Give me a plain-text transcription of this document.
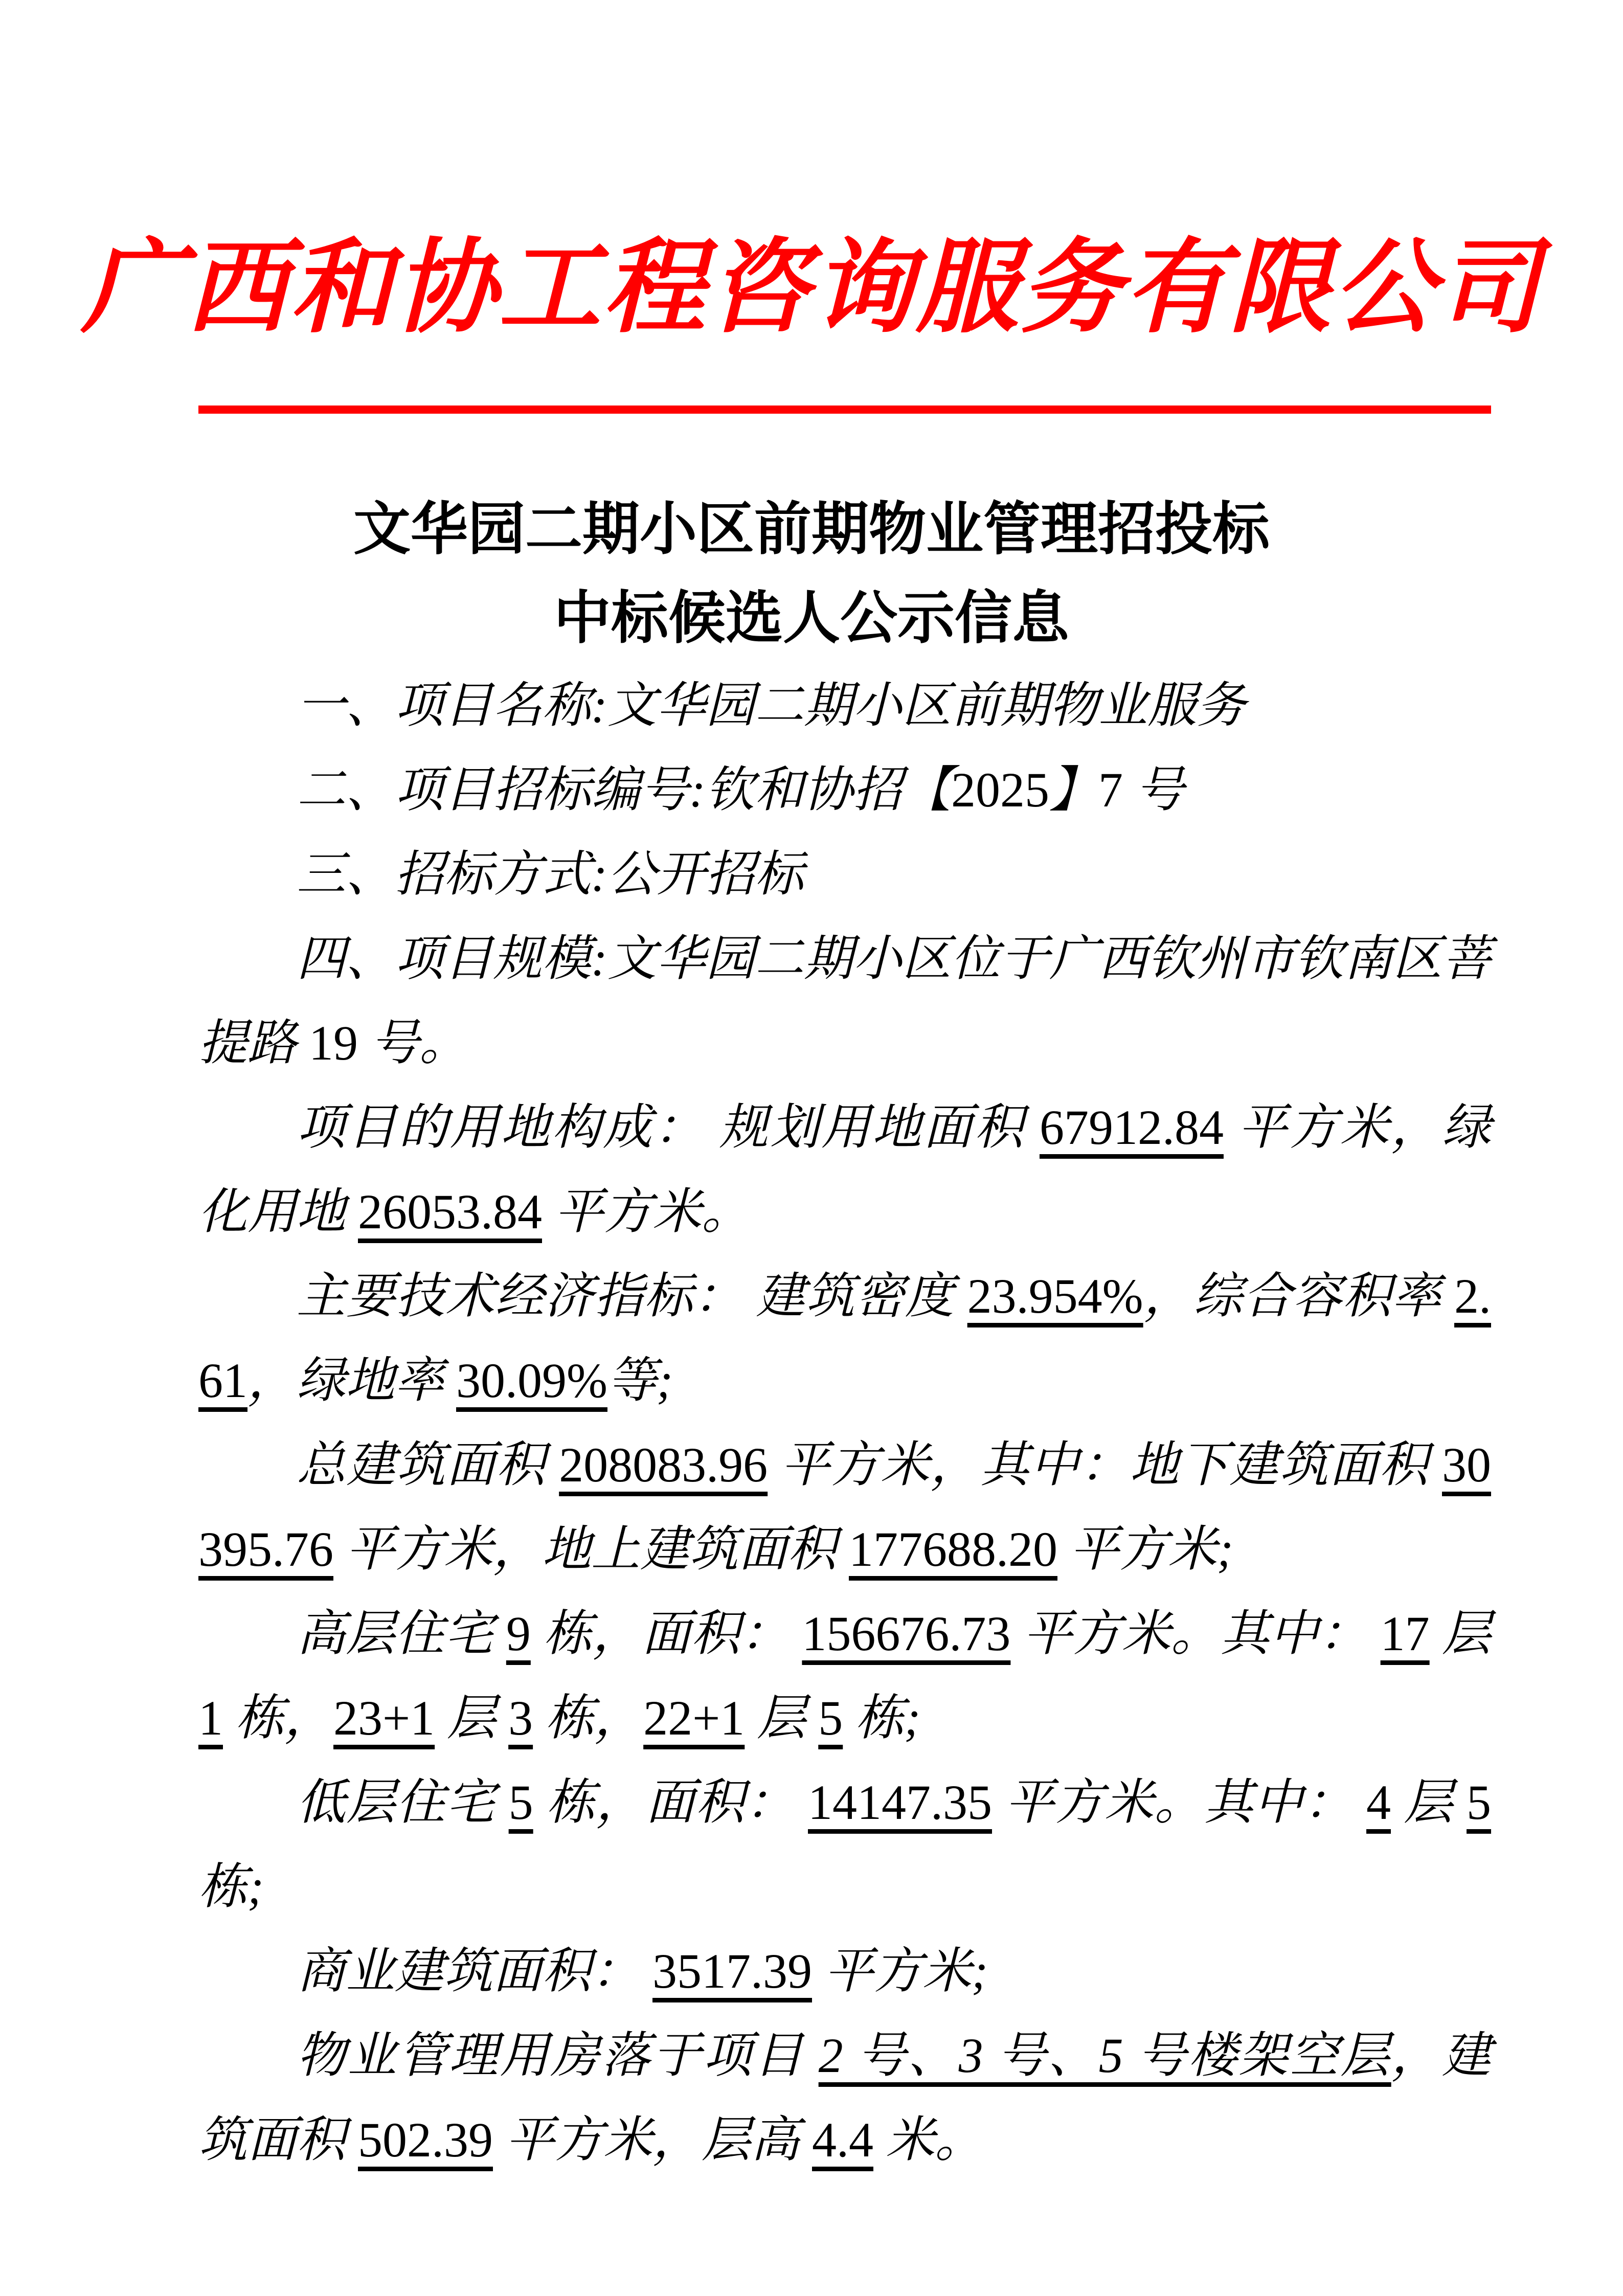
广西和协工程咨询服务有限公司
文华园二期小区前期物业管理招投标
中标候选人公示信息

一、项目名称:文华园二期小区前期物业服务

二、项目招标编号:钦和协招【2025】7 号

三、招标方式:公开招标

四、项目规模:文华园二期小区位于广西钦州市钦南区菩提路 19 号。

项目的用地构成： 规划用地面积 67912.84 平方米，绿化用地 26053.84 平方米。

主要技术经济指标： 建筑密度 23.954%，综合容积率 2.61，绿地率 30.09%等;

总建筑面积 208083.96 平方米，其中：地下建筑面积 30395.76 平方米，地上建筑面积 177688.20 平方米;

高层住宅 9 栋，面积： 156676.73 平方米。其中： 17 层 1 栋，23+1 层 3 栋，22+1 层 5 栋;

低层住宅 5 栋，面积： 14147.35 平方米。其中： 4 层 5 栋;

商业建筑面积： 3517.39 平方米;

物业管理用房落于项目 2 号、3 号、5 号楼架空层，建筑面积 502.39 平方米，层高 4.4 米。
